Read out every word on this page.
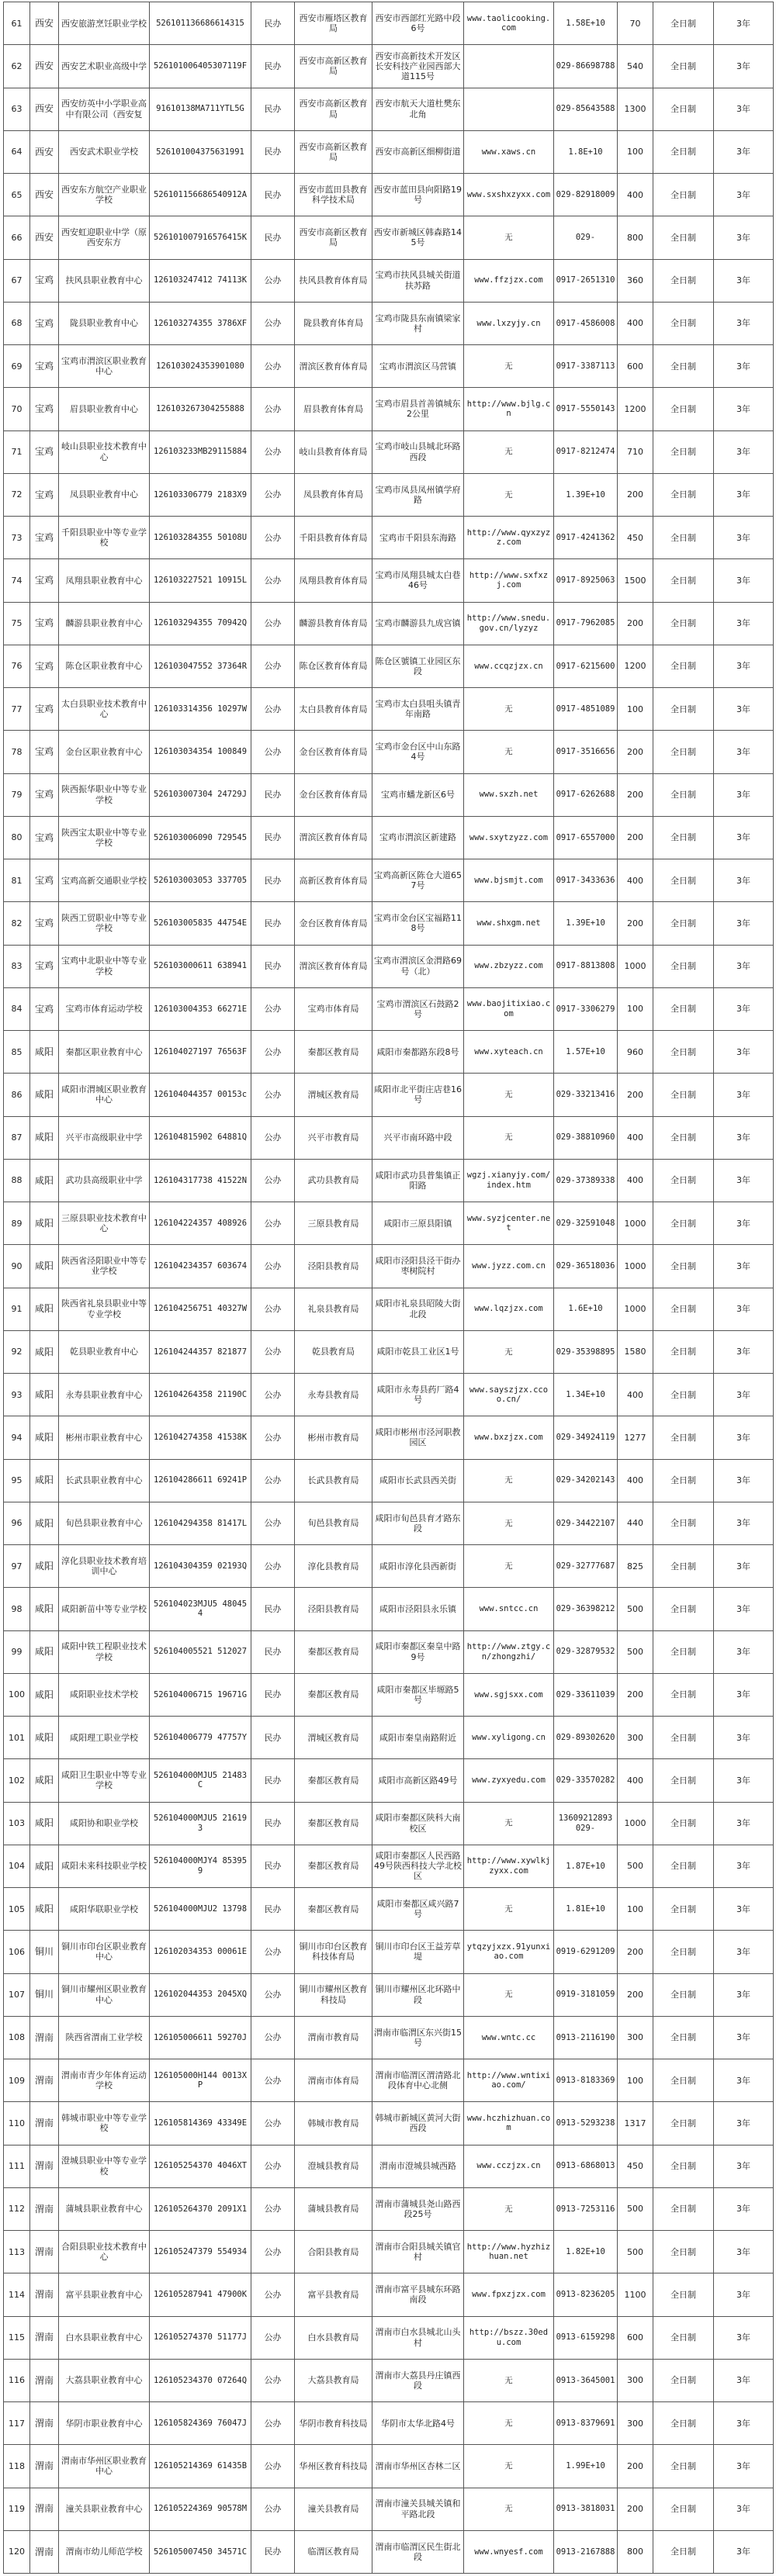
61	西安	西安旅游烹饪职业学校	526101136686614315	民办	西安市雁塔区教育局	西安市西部红光路中段6号	www.taolicooking.com	1.58E+10	70	全日制	3年
62	西安	西安艺术职业高级中学	526101006405307119F	民办	西安市高新区教育局	西安市高新技术开发区长安科技产业园西部大道115号		029-86698788	540	全日制	3年
63	西安	西安纺英中小学职业高中有限公司（西安复	91610138MA711YTL5G	民办	西安市高新区教育局	西安市航天大道杜樊东北角		029-85643588	1300	全日制	3年
64	西安	西安武术职业学校	526101004375631991	民办	西安市高新区教育局	西安市高新区细柳街道	www.xaws.cn	1.8E+10	100	全日制	3年
65	西安	西安东方航空产业职业学校	526101156686540912A	民办	西安市蓝田县教育科学技术局	西安市蓝田县向阳路19号	www.sxshxzyxx.com	029-82918009	400	全日制	3年
66	西安	西安虹迎职业中学（原西安东方	526101007916576415K	民办	西安市高新区教育局	西安市新城区韩森路145号	无	029-	800	全日制	3年
67	宝鸡	扶风县职业教育中心	126103247412 74113K	公办	扶风县教育体育局	宝鸡市扶风县城关街道扶苏路	www.ffzjzx.com	0917-2651310	360	全日制	3年
68	宝鸡	陇县职业教育中心	126103274355 3786XF	公办	陇县教育体育局	宝鸡市陇县东南镇梁家村	www.lxzyjy.cn	0917-4586008	400	全日制	3年
69	宝鸡	宝鸡市渭滨区职业教育中心	126103024353901080	公办	渭滨区教育体育局	宝鸡市渭滨区马营镇	无	0917-3387113	600	全日制	3年
70	宝鸡	眉县职业教育中心	126103267304255888	公办	眉县教育体育局	宝鸡市眉县首善镇城东2公里	http://www.bjlg.cn	0917-5550143	1200	全日制	3年
71	宝鸡	岐山县职业技术教育中心	126103233MB29115884	公办	岐山县教育体育局	宝鸡市岐山县城北环路西段	无	0917-8212474	710	全日制	3年
72	宝鸡	凤县职业教育中心	126103306779 2183X9	公办	凤县教育体育局	宝鸡市凤县凤州镇学府路	无	1.39E+10	200	全日制	3年
73	宝鸡	千阳县职业中等专业学校	126103284355 50108U	公办	千阳县教育体育局	宝鸡市千阳县东海路	http://www.qyxzyzz.com	0917-4241362	450	全日制	3年
74	宝鸡	凤翔县职业教育中心	126103227521 10915L	公办	凤翔县教育体育局	宝鸡市凤翔县城太白巷46号	http://www.sxfxzj.com	0917-8925063	1500	全日制	3年
75	宝鸡	麟游县职业教育中心	126103294355 70942Q	公办	麟游县教育体育局	宝鸡市麟游县九成宫镇	http://www.snedu.gov.cn/lyzyz	0917-7962085	200	全日制	3年
76	宝鸡	陈仓区职业教育中心	126103047552 37364R	公办	陈仓区教育体育局	陈仓区號镇工业园区东段	www.ccqzjzx.cn	0917-6215600	1200	全日制	3年
77	宝鸡	太白县职业技术教育中心	126103314356 10297W	公办	太白县教育体育局	宝鸡市太白县咀头镇青年南路	无	0917-4851089	100	全日制	3年
78	宝鸡	金台区职业教育中心	126103034354 100849	公办	金台区教育体育局	宝鸡市金台区中山东路4号	无	0917-3516656	200	全日制	3年
79	宝鸡	陕西振华职业中等专业学校	526103007304 24729J	民办	金台区教育体育局	宝鸡市蟠龙新区6号	www.sxzh.net	0917-6262688	200	全日制	3年
80	宝鸡	陕西宝太职业中等专业学校	526103006090 729545	民办	渭滨区教育体育局	宝鸡市渭滨区新建路	www.sxytzyzz.com	0917-6557000	200	全日制	3年
81	宝鸡	宝鸡高新交通职业学校	526103003053 337705	民办	高新区教育体育局	宝鸡高新区陈仓大道657号	www.bjsmjt.com	0917-3433636	400	全日制	3年
82	宝鸡	陕西工贸职业中等专业学校	526103005835 44754E	民办	金台区教育体育局	宝鸡市金台区宝福路118号	www.shxgm.net	1.39E+10	200	全日制	3年
83	宝鸡	宝鸡中北职业中等专业学校	526103000611 638941	民办	渭滨区教育体育局	宝鸡市渭滨区金渭路69号（北）	www.zbzyzz.com	0917-8813808	1000	全日制	3年
84	宝鸡	宝鸡市体育运动学校	126103004353 66271E	公办	宝鸡市体育局	宝鸡市渭滨区石鼓路2号	www.baojitixiao.com	0917-3306279	100	全日制	3年
85	咸阳	秦都区职业教育中心	126104027197 76563F	公办	秦都区教育局	咸阳市秦都路东段8号	www.xyteach.cn	1.57E+10	960	全日制	3年
86	咸阳	咸阳市渭城区职业教育中心	126104044357 00153c	公办	渭城区教育局	咸阳市北平街庄店巷16号	无	029-33213416	200	全日制	3年
87	咸阳	兴平市高级职业中学	126104815902 64881Q	公办	兴平市教育局	兴平市南环路中段	无	029-38810960	400	全日制	3年
88	咸阳	武功县高级职业中学	126104317738 41522N	公办	武功县教育局	咸阳市武功县普集镇正阳路	wgzj.xianyjy.com/index.htm	029-37389338	400	全日制	3年
89	咸阳	三原县职业技术教育中心	126104224357 408926	公办	三原县教育局	咸阳市三原县阳镇	www.syzjcenter.net	029-32591048	1000	全日制	3年
90	咸阳	陕西省泾阳职业中等专业学校	126104234357 603674	公办	泾阳县教育局	咸阳市泾阳县泾干街办枣树院村	www.jyzz.com.cn	029-36518036	1000	全日制	3年
91	咸阳	陕西省礼泉县职业中等专业学校	126104256751 40327W	公办	礼泉县教育局	咸阳市礼泉县昭陵大街北段	www.lqzjzx.com	1.6E+10	1000	全日制	3年
92	咸阳	乾县职业教育中心	126104244357 821877	公办	乾县教育局	咸阳市乾县工业区1号	无	029-35398895	1580	全日制	3年
93	咸阳	永寿县职业教育中心	126104264358 21190C	公办	永寿县教育局	咸阳市永寿县药厂路4号	www.sayszjzx.ccoo.cn/	1.34E+10	400	全日制	3年
94	咸阳	彬州市职业教育中心	126104274358 41538K	公办	彬州市教育局	咸阳市彬州市泾河职教园区	www.bxzjzx.com	029-34924119	1277	全日制	3年
95	咸阳	长武县职业教育中心	126104286611 69241P	公办	长武县教育局	咸阳市长武县西关街	无	029-34202143	400	全日制	3年
96	咸阳	旬邑县职业教育中心	126104294358 81417L	公办	旬邑县教育局	咸阳市旬邑县育才路东段	无	029-34422107	440	全日制	3年
97	咸阳	淳化县职业技术教育培训中心	126104304359 02193Q	公办	淳化县教育局	咸阳市淳化县西新街	无	029-32777687	825	全日制	3年
98	咸阳	咸阳新苗中等专业学校	526104023MJU5 480454	民办	泾阳县教育局	咸阳市泾阳县永乐镇	www.sntcc.cn	029-36398212	500	全日制	3年
99	咸阳	咸阳中铁工程职业技术学校	526104005521 512027	民办	秦都区教育局	咸阳市秦都区秦皇中路9号	http://www.ztgy.cn/zhongzhi/	029-32879532	500	全日制	3年
100	咸阳	咸阳职业技术学校	526104006715 19671G	民办	秦都区教育局	咸阳市秦都区毕塬路5号	www.sgjsxx.com	029-33611039	200	全日制	3年
101	咸阳	咸阳理工职业学校	526104006779 47757Y	民办	渭城区教育局	咸阳市秦皇南路附近	www.xyligong.cn	029-89302620	300	全日制	3年
102	咸阳	咸阳卫生职业中等专业学校	526104000MJU5 21483C	民办	秦都区教育局	咸阳市高新区路49号	www.zyxyedu.com	029-33570282	400	全日制	3年
103	咸阳	咸阳协和职业学校	526104000MJU5 216193	民办	秦都区教育局	咸阳市秦都区陕科大南校区	无	13609212893 029-	1000	全日制	3年
104	咸阳	咸阳未来科技职业学校	526104000MJY4 853959	民办	秦都区教育局	咸阳市秦都区人民西路49号陕西科技大学北校区	http://www.xywlkjzyxx.com	1.87E+10	500	全日制	3年
105	咸阳	咸阳华联职业学校	526104000MJU2 13798	民办	秦都区教育局	咸阳市秦都区咸兴路7号	无	1.81E+10	100	全日制	3年
106	铜川	铜川市印台区职业教育中心	126102034353 00061E	公办	铜川市印台区教育科技体育局	铜川市印台区王益芳草堤	ytqzyjxzx.91yunxiao.com	0919-6291209	200	全日制	3年
107	铜川	铜川市耀州区职业教育中心	126102044353 2045XQ	公办	铜川市耀州区教育科技局	铜川市耀州区北环路中段	无	0919-3181059	200	全日制	3年
108	渭南	陕西省渭南工业学校	126105006611 59270J	公办	渭南市教育局	渭南市临渭区东兴街15号	www.wntc.cc	0913-2116190	300	全日制	3年
109	渭南	渭南市青少年体育运动学校	126105000H144 0013XP	公办	渭南市体育局	渭南市临渭区渭清路北段体育中心北侧	http://www.wntixiao.com/	0913-8183369	100	全日制	3年
110	渭南	韩城市职业中等专业学校	126105814369 43349E	公办	韩城市教育局	韩城市新城区黄河大街西段	www.hczhizhuan.com	0913-5293238	1317	全日制	3年
111	渭南	澄城县职业中等专业学校	126105254370 4046XT	公办	澄城县教育局	渭南市澄城县城西路	www.cczjzx.cn	0913-6868013	450	全日制	3年
112	渭南	蒲城县职业教育中心	126105264370 2091X1	公办	蒲城县教育局	渭南市蒲城县尧山路西段25号	无	0913-7253116	500	全日制	3年
113	渭南	合阳县职业技术教育中心	126105247379 554934	公办	合阳县教育局	渭南市合阳县城关镇官村	http://www.hyzhizhuan.net	1.82E+10	500	全日制	3年
114	渭南	富平县职业教育中心	126105287941 47900K	公办	富平县教育局	渭南市富平县城东环路南段	www.fpxzjzx.com	0913-8236205	1100	全日制	3年
115	渭南	白水县职业教育中心	126105274370 51177J	公办	白水县教育局	渭南市白水县城北山头村	http://bszz.30edu.com	0913-6159298	600	全日制	3年
116	渭南	大荔县职业教育中心	126105234370 07264Q	公办	大荔县教育局	渭南市大荔县丹庄镇西段	无	0913-3645001	300	全日制	3年
117	渭南	华阴市职业教育中心	126105824369 76047J	公办	华阴市教育科技局	华阴市太华北路4号	无	0913-8379691	300	全日制	3年
118	渭南	渭南市华州区职业教育中心	126105214369 61435B	公办	华州区教育科技局	渭南市华州区杏林二区	无	1.99E+10	200	全日制	3年
119	渭南	潼关县职业教育中心	126105224369 90578M	公办	潼关县教育局	渭南市潼关县城关镇和平路北段	无	0913-3818031	200	全日制	3年
120	渭南	渭南市幼儿师范学校	526105007450 34571C	民办	临渭区教育局	渭南市临渭区民生街北段	www.wnyesf.com	0913-2167888	800	全日制	3年
